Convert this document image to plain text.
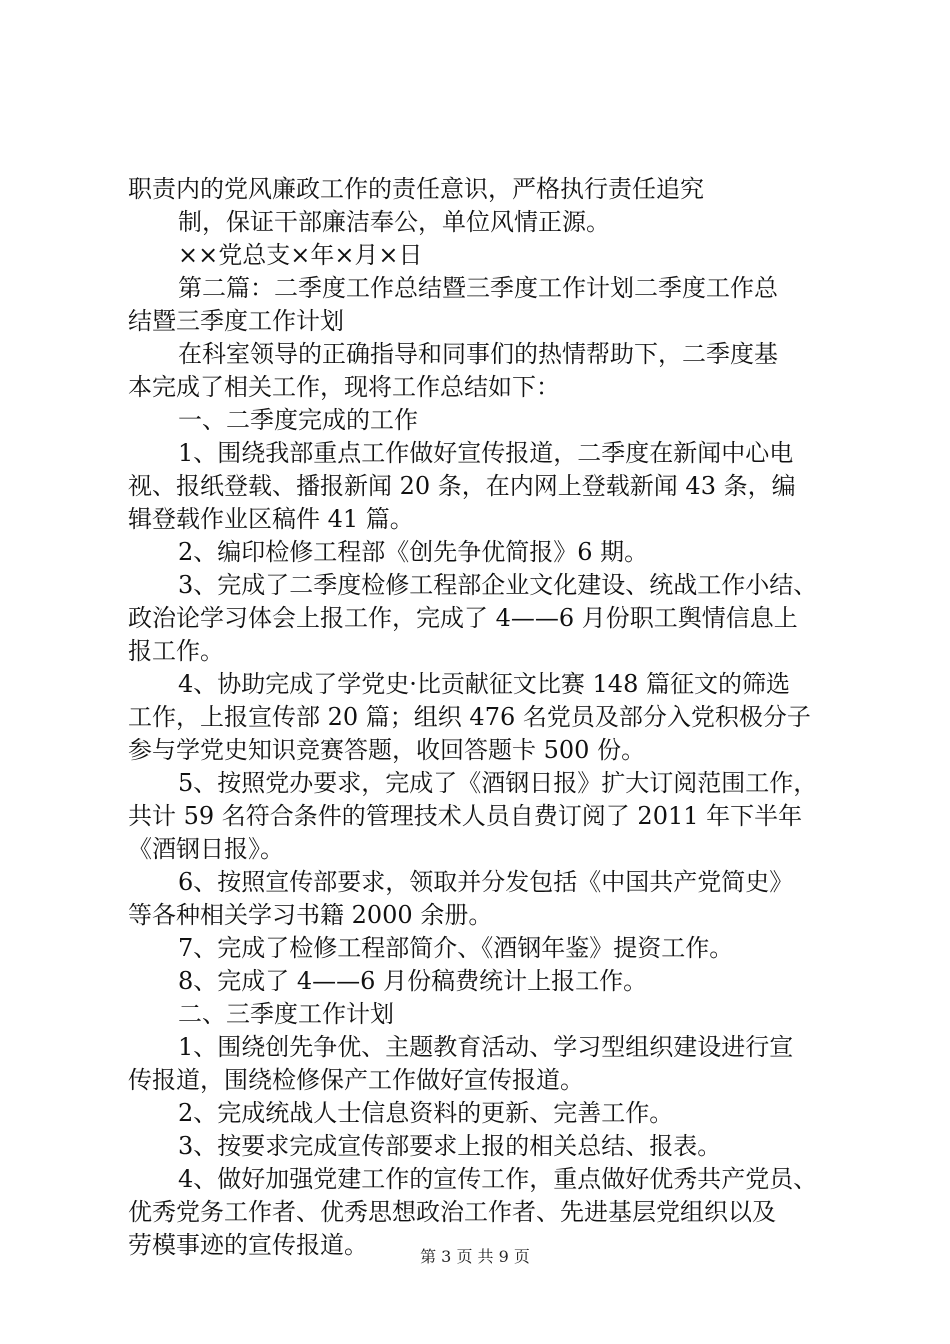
职责内的党风廉政工作的责任意识，严格执行责任追究
制，保证干部廉洁奉公，单位风情正源。
××党总支×年×月×日
第二篇：二季度工作总结暨三季度工作计划二季度工作总
结暨三季度工作计划
在科室领导的正确指导和同事们的热情帮助下，二季度基
本完成了相关工作，现将工作总结如下：
一、二季度完成的工作
1、围绕我部重点工作做好宣传报道，二季度在新闻中心电
视、报纸登载、播报新闻 20 条，在内网上登载新闻 43 条，编
辑登载作业区稿件 41 篇。
2、编印检修工程部《创先争优简报》6 期。
3、完成了二季度检修工程部企业文化建设、统战工作小结、
政治论学习体会上报工作，完成了 4——6 月份职工舆情信息上
报工作。
4、协助完成了学党史·比贡献征文比赛 148 篇征文的筛选
工作，上报宣传部 20 篇；组织 476 名党员及部分入党积极分子
参与学党史知识竞赛答题，收回答题卡 500 份。
5、按照党办要求，完成了《酒钢日报》扩大订阅范围工作，
共计 59 名符合条件的管理技术人员自费订阅了 2011 年下半年
《酒钢日报》。
6、按照宣传部要求，领取并分发包括《中国共产党简史》
等各种相关学习书籍 2000 余册。
7、完成了检修工程部简介、《酒钢年鉴》提资工作。
8、完成了 4——6 月份稿费统计上报工作。
二、三季度工作计划
1、围绕创先争优、主题教育活动、学习型组织建设进行宣
传报道，围绕检修保产工作做好宣传报道。
2、完成统战人士信息资料的更新、完善工作。
3、按要求完成宣传部要求上报的相关总结、报表。
4、做好加强党建工作的宣传工作，重点做好优秀共产党员、
优秀党务工作者、优秀思想政治工作者、先进基层党组织以及
劳模事迹的宣传报道。	第 3 页 共 9 页
